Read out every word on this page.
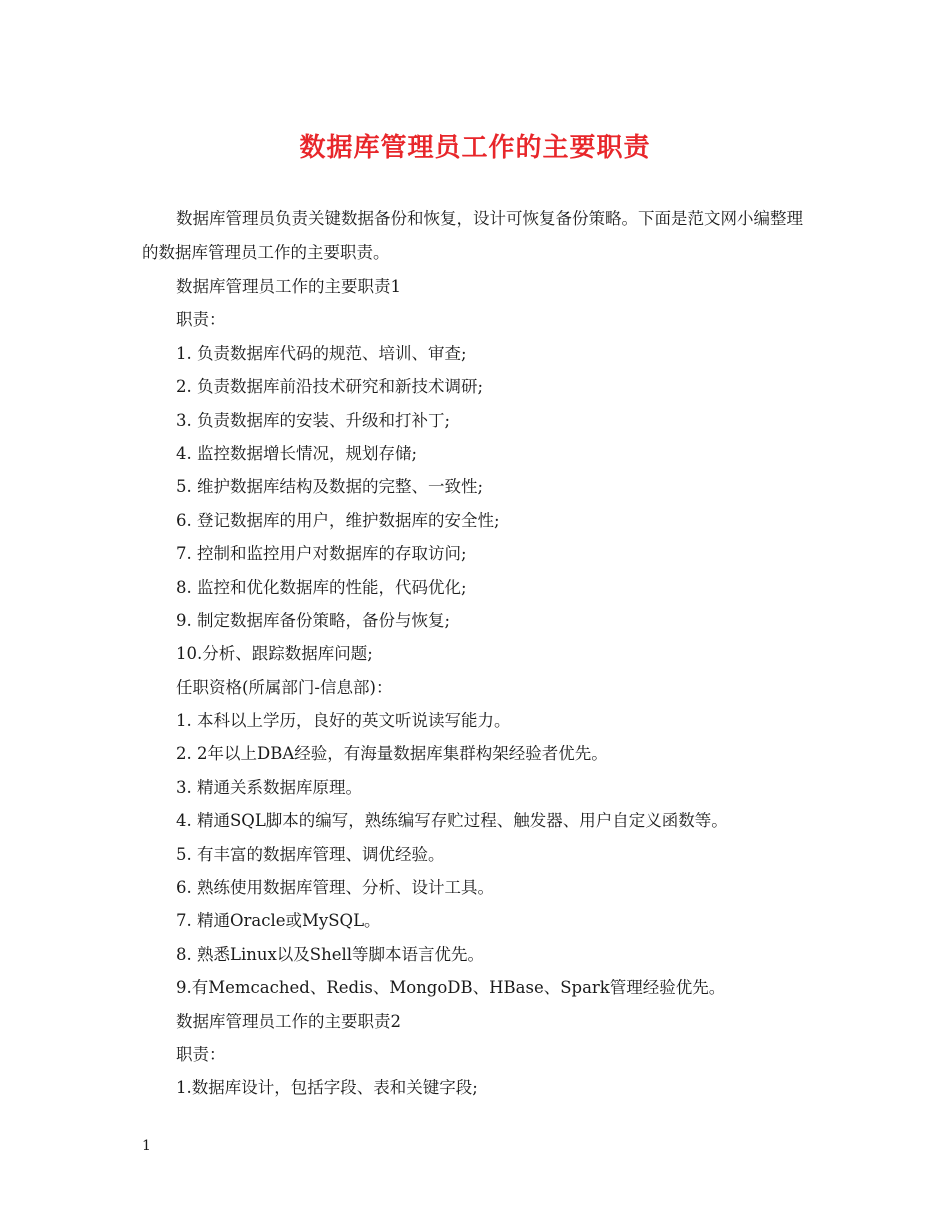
数据库管理员工作的主要职责

数据库管理员负责关键数据备份和恢复，设计可恢复备份策略。下面是范文网小编整理的数据库管理员工作的主要职责。

数据库管理员工作的主要职责1
职责：
1. 负责数据库代码的规范、培训、审查;
2. 负责数据库前沿技术研究和新技术调研;
3. 负责数据库的安装、升级和打补丁;
4. 监控数据增长情况，规划存储;
5. 维护数据库结构及数据的完整、一致性;
6. 登记数据库的用户，维护数据库的安全性;
7. 控制和监控用户对数据库的存取访问;
8. 监控和优化数据库的性能，代码优化;
9. 制定数据库备份策略，备份与恢复;
10.分析、跟踪数据库问题;
任职资格(所属部门-信息部)：
1. 本科以上学历，良好的英文听说读写能力。
2. 2年以上DBA经验，有海量数据库集群构架经验者优先。
3. 精通关系数据库原理。
4. 精通SQL脚本的编写，熟练编写存贮过程、触发器、用户自定义函数等。
5. 有丰富的数据库管理、调优经验。
6. 熟练使用数据库管理、分析、设计工具。
7. 精通Oracle或MySQL。
8. 熟悉Linux以及Shell等脚本语言优先。
9.有Memcached、Redis、MongoDB、HBase、Spark管理经验优先。
数据库管理员工作的主要职责2
职责：
1.数据库设计，包括字段、表和关键字段;
1
